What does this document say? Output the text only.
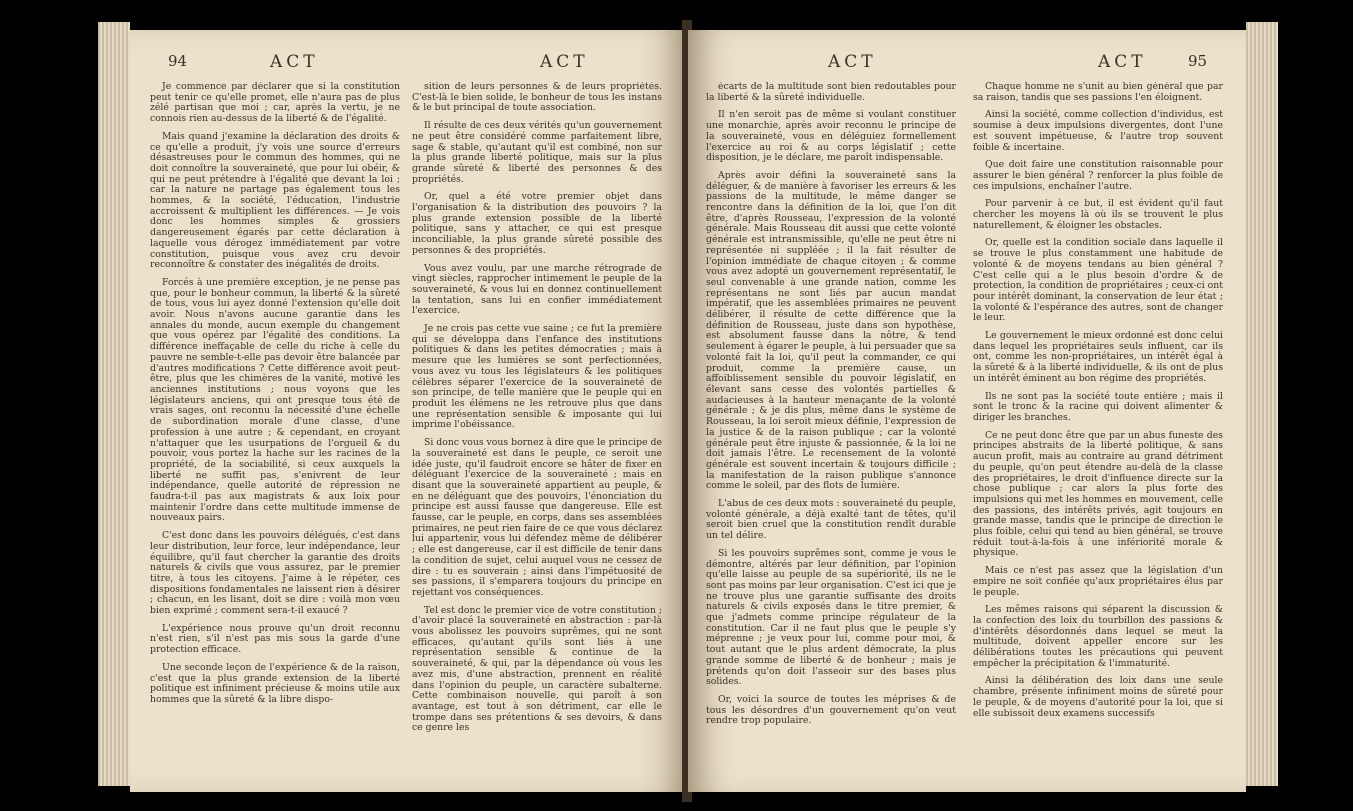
94	ACT	ACT

Je commence par déclarer que si la constitution peut tenir ce qu'elle promet, elle n'aura pas de plus zélé partisan que moi ; car, après la vertu, je ne connois rien au-dessus de la liberté & de l'égalité.

Mais quand j'examine la déclaration des droits & ce qu'elle a produit, j'y vois une source d'erreurs désastreuses pour le commun des hommes, qui ne doit connoître la souveraineté, que pour lui obéir, & qui ne peut prétendre à l'égalité que devant la loi ; car la nature ne partage pas également tous les hommes, & la société, l'éducation, l'industrie accroissent & multiplient les différences. — Je vois donc les hommes simples & grossiers dangereusement égarés par cette déclaration à laquelle vous dérogez immédiatement par votre constitution, puisque vous avez cru devoir reconnoître & constater des inégalités de droits.

Forcés à une première exception, je ne pense pas que, pour le bonheur commun, la liberté & la sûreté de tous, vous lui ayez donné l'extension qu'elle doit avoir. Nous n'avons aucune garantie dans les annales du monde, aucun exemple du changement que vous opérez par l'égalité des conditions. La différence ineffaçable de celle du riche à celle du pauvre ne semble-t-elle pas devoir être balancée par d'autres modifications ? Cette différence avoit peut-être, plus que les chimères de la vanité, motivé les anciennes institutions ; nous voyons que les législateurs anciens, qui ont presque tous été de vrais sages, ont reconnu la nécessité d'une échelle de subordination morale d'une classe, d'une profession à une autre ; & cependant, en croyant n'attaquer que les usurpations de l'orgueil & du pouvoir, vous portez la hache sur les racines de la propriété, de la sociabilité, si ceux auxquels la liberté ne suffit pas, s'enivrent de leur indépendance, quelle autorité de répression ne faudra-t-il pas aux magistrats & aux loix pour maintenir l'ordre dans cette multitude immense de nouveaux pairs.

C'est donc dans les pouvoirs délégués, c'est dans leur distribution, leur force, leur indépendance, leur équilibre, qu'il faut chercher la garantie des droits naturels & civils que vous assurez, par le premier titre, à tous les citoyens. J'aime à le répéter, ces dispositions fondamentales ne laissent rien à désirer ; chacun, en les lisant, doit se dire : voilà mon vœu bien exprimé ; comment sera-t-il exaucé ?

L'expérience nous prouve qu'un droit reconnu n'est rien, s'il n'est pas mis sous la garde d'une protection efficace.

Une seconde leçon de l'expérience & de la raison, c'est que la plus grande extension de la liberté politique est infiniment précieuse & moins utile aux hommes que la sûreté & la libre dispo-

sition de leurs personnes & de leurs propriétés. C'est-là le bien solide, le bonheur de tous les instans & le but principal de toute association.

Il résulte de ces deux vérités qu'un gouvernement ne peut être considéré comme parfaitement libre, sage & stable, qu'autant qu'il est combiné, non sur la plus grande liberté politique, mais sur la plus grande sûreté & liberté des personnes & des propriétés.

Or, quel a été votre premier objet dans l'organisation & la distribution des pouvoirs ? la plus grande extension possible de la liberté politique, sans y attacher, ce qui est presque inconciliable, la plus grande sûreté possible des personnes & des propriétés.

Vous avez voulu, par une marche rétrograde de vingt siècles, rapprocher intimement le peuple de la souveraineté, & vous lui en donnez continuellement la tentation, sans lui en confier immédiatement l'exercice.

Je ne crois pas cette vue saine ; ce fut la première qui se développa dans l'enfance des institutions politiques & dans les petites démocraties ; mais à mesure que les lumières se sont perfectionnées, vous avez vu tous les législateurs & les politiques célèbres séparer l'exercice de la souveraineté de son principe, de telle manière que le peuple qui en produit les élémens ne les retrouve plus que dans une représentation sensible & imposante qui lui imprime l'obéissance.

Si donc vous vous bornez à dire que le principe de la souveraineté est dans le peuple, ce seroit une idée juste, qu'il faudroit encore se hâter de fixer en déléguant l'exercice de la souveraineté ; mais en disant que la souveraineté appartient au peuple, & en ne déléguant que des pouvoirs, l'énonciation du principe est aussi fausse que dangereuse. Elle est fausse, car le peuple, en corps, dans ses assemblées primaires, ne peut rien faire de ce que vous déclarez lui appartenir, vous lui défendez même de délibérer ; elle est dangereuse, car il est difficile de tenir dans la condition de sujet, celui auquel vous ne cessez de dire : tu es souverain ; ainsi dans l'impétuosité de ses passions, il s'emparera toujours du principe en rejettant vos conséquences.

Tel est donc le premier vice de votre constitution ; d'avoir placé la souveraineté en abstraction : par-là vous abolissez les pouvoirs suprêmes, qui ne sont efficaces, qu'autant qu'ils sont liés à une représentation sensible & continue de la souveraineté, & qui, par la dépendance où vous les avez mis, d'une abstraction, prennent en réalité dans l'opinion du peuple, un caractère subalterne. Cette combinaison nouvelle, qui paroît à son avantage, est tout à son détriment, car elle le trompe dans ses prétentions & ses devoirs, & dans ce genre les

ACT	ACT	95

écarts de la multitude sont bien redoutables pour la liberté & la sûreté individuelle.

Il n'en seroit pas de même si voulant constituer une monarchie, après avoir reconnu le principe de la souveraineté, vous en déléguiez formellement l'exercice au roi & au corps législatif ; cette disposition, je le déclare, me paroît indispensable.

Après avoir défini la souveraineté sans la déléguer, & de manière à favoriser les erreurs & les passions de la multitude, le même danger se rencontre dans la définition de la loi, que l'on dit être, d'après Rousseau, l'expression de la volonté générale. Mais Rousseau dit aussi que cette volonté générale est intransmissible, qu'elle ne peut être ni représentée ni suppléée ; il la fait résulter de l'opinion immédiate de chaque citoyen ; & comme vous avez adopté un gouvernement représentatif, le seul convenable à une grande nation, comme les représentans ne sont liés par aucun mandat impératif, que les assemblées primaires ne peuvent délibérer, il résulte de cette différence que la définition de Rousseau, juste dans son hypothèse, est absolument fausse dans la nôtre, & tend seulement à égarer le peuple, à lui persuader que sa volonté fait la loi, qu'il peut la commander, ce qui produit, comme la première cause, un affoiblissement sensible du pouvoir législatif, en élevant sans cesse des volontés partielles & audacieuses à la hauteur menaçante de la volonté générale ; & je dis plus, même dans le système de Rousseau, la loi seroit mieux définie, l'expression de la justice & de la raison publique ; car la volonté générale peut être injuste & passionnée, & la loi ne doit jamais l'être. Le recensement de la volonté générale est souvent incertain & toujours difficile ; la manifestation de la raison publique s'annonce comme le soleil, par des flots de lumière.

L'abus de ces deux mots : souveraineté du peuple, volonté générale, a déjà exalté tant de têtes, qu'il seroit bien cruel que la constitution rendît durable un tel délire.

Si les pouvoirs suprêmes sont, comme je vous le démontre, altérés par leur définition, par l'opinion qu'elle laisse au peuple de sa supériorité, ils ne le sont pas moins par leur organisation. C'est ici que je ne trouve plus une garantie suffisante des droits naturels & civils exposés dans le titre premier, & que j'admets comme principe régulateur de la constitution. Car il ne faut plus que le peuple s'y méprenne ; je veux pour lui, comme pour moi, & tout autant que le plus ardent démocrate, la plus grande somme de liberté & de bonheur ; mais je prétends qu'on doit l'asseoir sur des bases plus solides.

Or, voici la source de toutes les méprises & de tous les désordres d'un gouvernement qu'on veut rendre trop populaire.

Chaque homme ne s'unit au bien général que par sa raison, tandis que ses passions l'en éloignent.

Ainsi la société, comme collection d'individus, est soumise à deux impulsions divergentes, dont l'une est souvent impétueuse, & l'autre trop souvent foible & incertaine.

Que doit faire une constitution raisonnable pour assurer le bien général ? renforcer la plus foible de ces impulsions, enchaîner l'autre.

Pour parvenir à ce but, il est évident qu'il faut chercher les moyens là où ils se trouvent le plus naturellement, & éloigner les obstacles.

Or, quelle est la condition sociale dans laquelle il se trouve le plus constamment une habitude de volonté & de moyens tendans au bien général ? C'est celle qui a le plus besoin d'ordre & de protection, la condition de propriétaires ; ceux-ci ont pour intérêt dominant, la conservation de leur état ; la volonté & l'espérance des autres, sont de changer le leur.

Le gouvernement le mieux ordonné est donc celui dans lequel les propriétaires seuls influent, car ils ont, comme les non-propriétaires, un intérêt égal à la sûreté & à la liberté individuelle, & ils ont de plus un intérêt éminent au bon régime des propriétés.

Ils ne sont pas la société toute entière ; mais il sont le tronc & la racine qui doivent alimenter & diriger les branches.

Ce ne peut donc être que par un abus funeste des principes abstraits de la liberté politique, & sans aucun profit, mais au contraire au grand détriment du peuple, qu'on peut étendre au-delà de la classe des propriétaires, le droit d'influence directe sur la chose publique ; car alors la plus forte des impulsions qui met les hommes en mouvement, celle des passions, des intérêts privés, agit toujours en grande masse, tandis que le principe de direction le plus foible, celui qui tend au bien général, se trouve réduit tout-à-la-fois à une infériorité morale & physique.

Mais ce n'est pas assez que la législation d'un empire ne soit confiée qu'aux propriétaires élus par le peuple.

Les mêmes raisons qui séparent la discussion & la confection des loix du tourbillon des passions & d'intérêts désordonnés dans lequel se meut la multitude, doivent appeller encore sur les délibérations toutes les précautions qui peuvent empêcher la précipitation & l'immaturité.

Ainsi la délibération des loix dans une seule chambre, présente infiniment moins de sûreté pour le peuple, & de moyens d'autorité pour la loi, que si elle subissoit deux examens successifs
